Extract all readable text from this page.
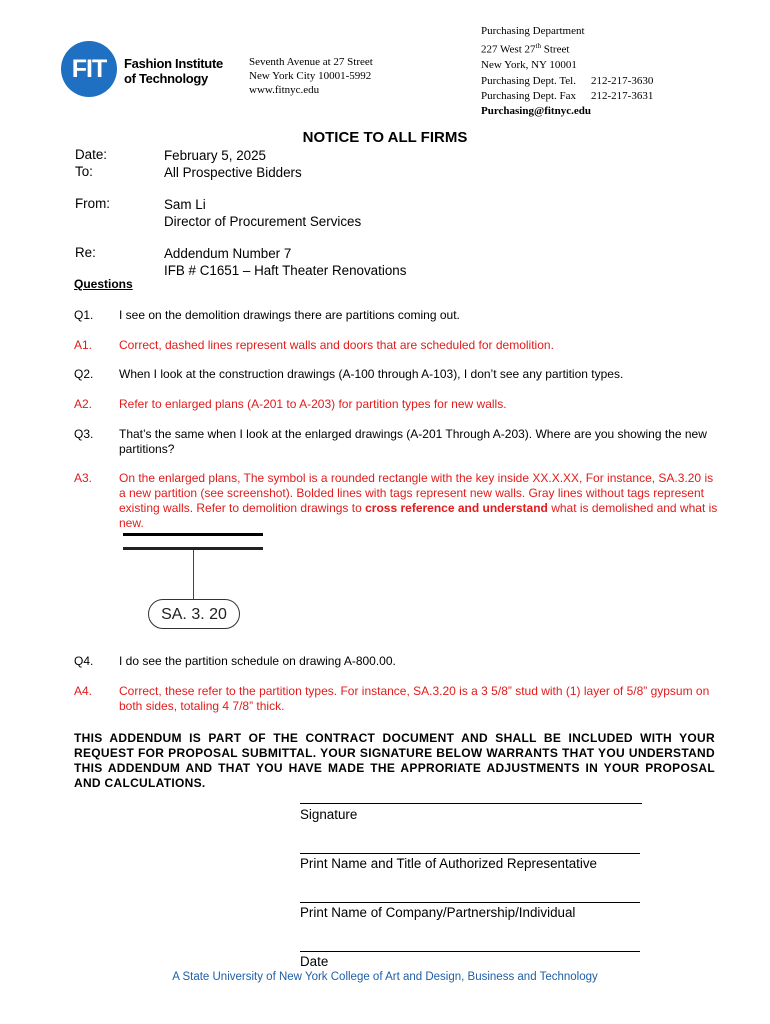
FIT	Fashion Institute
of Technology
Seventh Avenue at 27 Street
New York City 10001-5992
www.fitnyc.edu
Purchasing Department
227 West 27th Street
New York, NY 10001
Purchasing Dept. Tel. 212-217-3630
Purchasing Dept. Fax 212-217-3631
Purchasing@fitnyc.edu
NOTICE TO ALL FIRMS
Date:	February 5, 2025
To:	All Prospective Bidders
From:	Sam Li
Director of Procurement Services
Re:	Addendum Number 7
IFB # C1651 – Haft Theater Renovations
Questions
Q1. I see on the demolition drawings there are partitions coming out.
A1. Correct, dashed lines represent walls and doors that are scheduled for demolition.
Q2. When I look at the construction drawings (A-100 through A-103), I don’t see any partition types.
A2. Refer to enlarged plans (A-201 to A-203) for partition types for new walls.
Q3. That’s the same when I look at the enlarged drawings (A-201 Through A-203). Where are you showing the new partitions?
A3. On the enlarged plans, The symbol is a rounded rectangle with the key inside XX.X.XX, For instance, SA.3.20 is a new partition (see screenshot). Bolded lines with tags represent new walls. Gray lines without tags represent existing walls. Refer to demolition drawings to cross reference and understand what is demolished and what is new.
SA. 3. 20
Q4. I do see the partition schedule on drawing A-800.00.
A4. Correct, these refer to the partition types. For instance, SA.3.20 is a 3 5/8” stud with (1) layer of 5/8” gypsum on both sides, totaling 4 7/8” thick.
THIS ADDENDUM IS PART OF THE CONTRACT DOCUMENT AND SHALL BE INCLUDED WITH YOUR REQUEST FOR PROPOSAL SUBMITTAL. YOUR SIGNATURE BELOW WARRANTS THAT YOU UNDERSTAND THIS ADDENDUM AND THAT YOU HAVE MADE THE APPRORIATE ADJUSTMENTS IN YOUR PROPOSAL AND CALCULATIONS.
Signature
Print Name and Title of Authorized Representative
Print Name of Company/Partnership/Individual
Date
A State University of New York College of Art and Design, Business and Technology
